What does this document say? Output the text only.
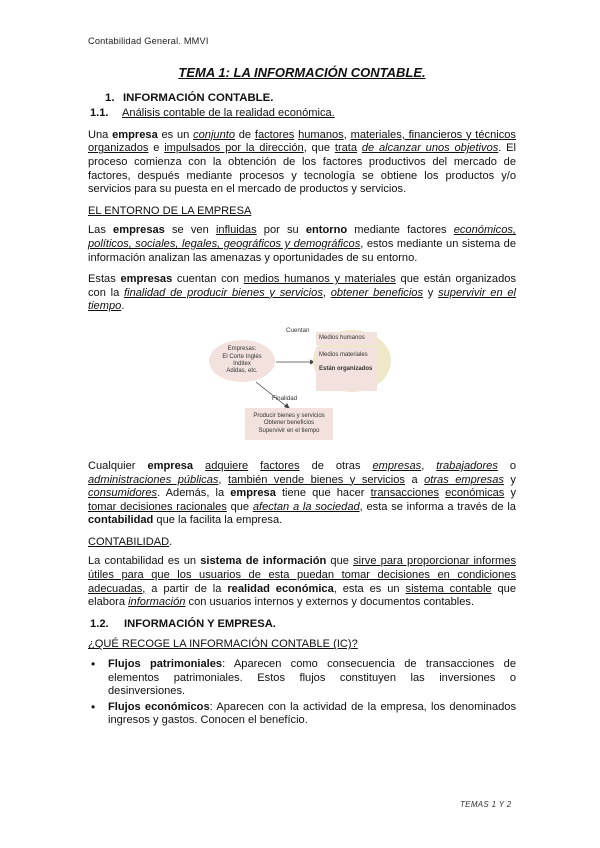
Contabilidad General. MMVI
TEMA 1: LA INFORMACIÓN CONTABLE.
1. INFORMACIÓN CONTABLE.
1.1. Análisis contable de la realidad económica.

Una empresa es un conjunto de factores humanos, materiales, financieros y técnicos organizados e impulsados por la dirección, que trata de alcanzar unos objetivos. El proceso comienza con la obtención de los factores productivos del mercado de factores, después mediante procesos y tecnología se obtiene los productos y/o servicios para su puesta en el mercado de productos y servicios.

EL ENTORNO DE LA EMPRESA

Las empresas se ven influidas por su entorno mediante factores económicos, políticos, sociales, legales, geográficos y demográficos, estos mediante un sistema de información analizan las amenazas y oportunidades de su entorno.

Estas empresas cuentan con medios humanos y materiales que están organizados con la finalidad de producir bienes y servicios, obtener beneficios y supervivir en el tiempo.

Cuentan
Finalidad
Empresas:
El Corte Inglés
Inditex
Adidas, etc.
Medios humanos
Medios materiales
Están organizados
Producir bienes y servicios
Obtener beneficios
Supervivir en el tiempo

Cualquier empresa adquiere factores de otras empresas, trabajadores o administraciones públicas, también vende bienes y servicios a otras empresas y consumidores. Además, la empresa tiene que hacer transacciones económicas y tomar decisiones racionales que afectan a la sociedad, esta se informa a través de la contabilidad que la facilita la empresa.

CONTABILIDAD.

La contabilidad es un sistema de información que sirve para proporcionar informes útiles para que los usuarios de esta puedan tomar decisiones en condiciones adecuadas, a partir de la realidad económica, esta es un sistema contable que elabora información con usuarios internos y externos y documentos contables.

1.2. INFORMACIÓN Y EMPRESA.
¿QUÉ RECOGE LA INFORMACIÓN CONTABLE (IC)?
• Flujos patrimoniales: Aparecen como consecuencia de transacciones de elementos patrimoniales. Estos flujos constituyen las inversiones o desinversiones.
• Flujos económicos: Aparecen con la actividad de la empresa, los denominados ingresos y gastos. Conocen el benefício.
TEMAS 1 Y 2
